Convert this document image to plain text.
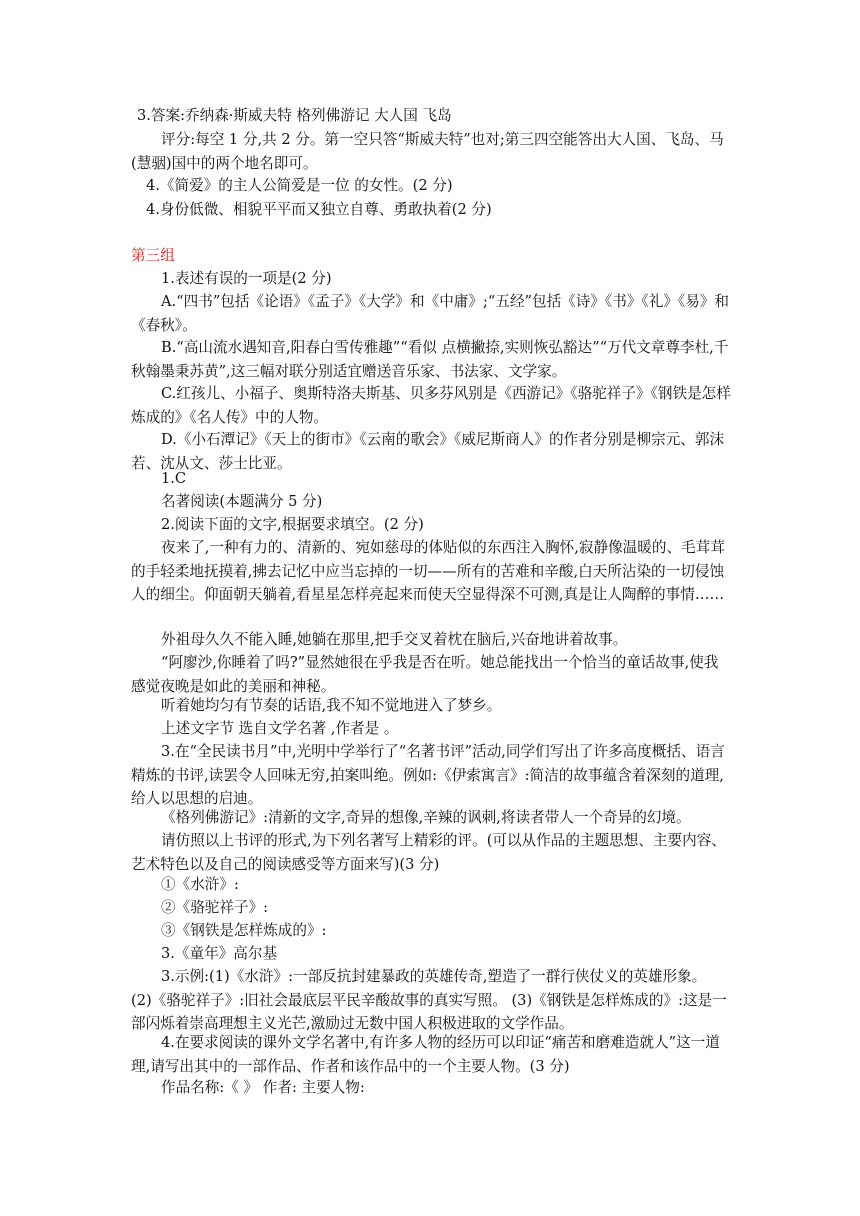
3.答案:乔纳森·斯威夫特 格列佛游记 大人国 飞岛

评分:每空 1 分,共 2 分。第一空只答“斯威夫特”也对;第三四空能答出大人国、飞岛、马(慧骃)国中的两个地名即可。

4.《简爱》的主人公简爱是一位 的女性。(2 分)

4.身份低微、相貌平平而又独立自尊、勇敢执着(2 分)

第三组

1.表述有误的一项是(2 分)

A.“四书”包括《论语》《孟子》《大学》和《中庸》;“五经”包括《诗》《书》《礼》《易》和《春秋》。

B.“高山流水遇知音,阳春白雪传雅趣”“看似 点横撇捺,实则恢弘豁达”“万代文章尊李杜,千秋翰墨秉苏黄”,这三幅对联分别适宜赠送音乐家、书法家、文学家。

C.红孩儿、小福子、奥斯特洛夫斯基、贝多芬风别是《西游记》《骆驼祥子》《钢铁是怎样炼成的》《名人传》中的人物。

D.《小石潭记》《天上的街市》《云南的歌会》《威尼斯商人》的作者分别是柳宗元、郭沫若、沈从文、莎士比亚。

1.C

名著阅读(本题满分 5 分)

2.阅读下面的文字,根据要求填空。(2 分)

夜来了,一种有力的、清新的、宛如慈母的体贴似的东西注入胸怀,寂静像温暖的、毛茸茸的手轻柔地抚摸着,拂去记忆中应当忘掉的一切——所有的苦难和辛酸,白天所沾染的一切侵蚀人的细尘。仰面朝天躺着,看星星怎样亮起来而使天空显得深不可测,真是让人陶醉的事情……

外祖母久久不能入睡,她躺在那里,把手交叉着枕在脑后,兴奋地讲着故事。

“阿廖沙,你睡着了吗?”显然她很在乎我是否在听。她总能找出一个恰当的童话故事,使我感觉夜晚是如此的美丽和神秘。

听着她均匀有节奏的话语,我不知不觉地进入了梦乡。

上述文字节 选自文学名著 ,作者是 。

3.在“全民读书月”中,光明中学举行了“名著书评”活动,同学们写出了许多高度概括、语言精炼的书评,读罢令人回味无穷,拍案叫绝。例如:《伊索寓言》:简洁的故事蕴含着深刻的道理,给人以思想的启迪。

《格列佛游记》:清新的文字,奇异的想像,辛辣的讽刺,将读者带人一个奇异的幻境。

请仿照以上书评的形式,为下列名著写上精彩的评。(可以从作品的主题思想、主要内容、艺术特色以及自己的阅读感受等方面来写)(3 分)

①《水浒》:

②《骆驼祥子》:

③《钢铁是怎样炼成的》:

3.《童年》高尔基

3.示例:(1)《水浒》:一部反抗封建暴政的英雄传奇,塑造了一群行侠仗义的英雄形象。 (2)《骆驼祥子》:旧社会最底层平民辛酸故事的真实写照。 (3)《钢铁是怎样炼成的》:这是一部闪烁着崇高理想主义光芒,激励过无数中国人积极进取的文学作品。

4.在要求阅读的课外文学名著中,有许多人物的经历可以印证“痛苦和磨难造就人”这一道理,请写出其中的一部作品、作者和该作品中的一个主要人物。(3 分)

作品名称:《 》 作者: 主要人物:
